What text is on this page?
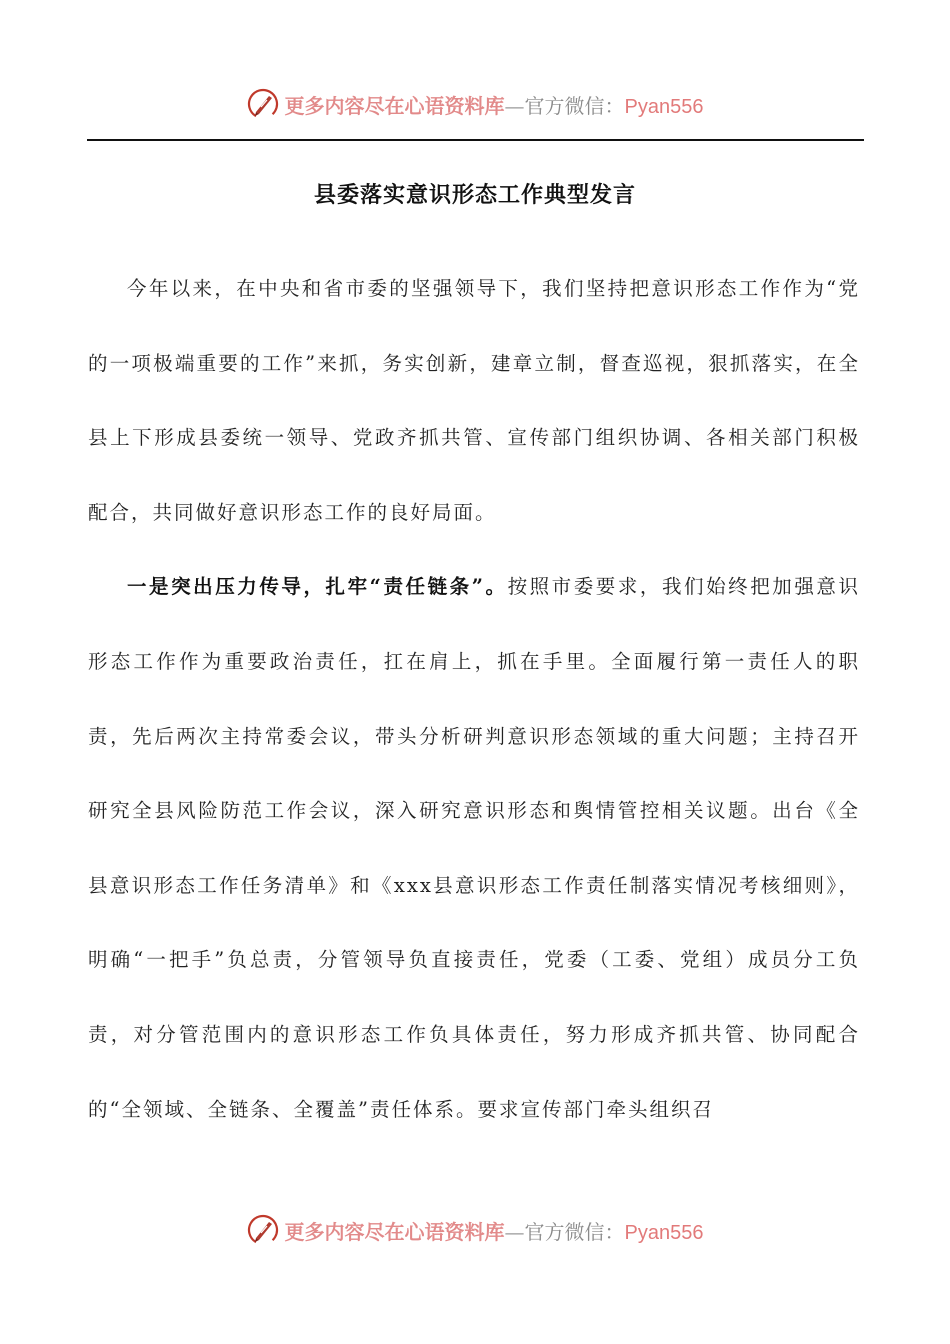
更多内容尽在心语资料库—官方微信：Pyan556
县委落实意识形态工作典型发言

今年以来，在中央和省市委的坚强领导下，我们坚持把意识形态工作作为“党的一项极端重要的工作”来抓，务实创新，建章立制，督查巡视，狠抓落实，在全县上下形成县委统一领导、党政齐抓共管、宣传部门组织协调、各相关部门积极配合，共同做好意识形态工作的良好局面。

一是突出压力传导，扎牢“责任链条”。按照市委要求，我们始终把加强意识形态工作作为重要政治责任，扛在肩上，抓在手里。全面履行第一责任人的职责，先后两次主持常委会议，带头分析研判意识形态领域的重大问题；主持召开研究全县风险防范工作会议，深入研究意识形态和舆情管控相关议题。出台《全县意识形态工作任务清单》和《xxx县意识形态工作责任制落实情况考核细则》，明确“一把手”负总责，分管领导负直接责任，党委（工委、党组）成员分工负责，对分管范围内的意识形态工作负具体责任，努力形成齐抓共管、协同配合的“全领域、全链条、全覆盖”责任体系。要求宣传部门牵头组织召

更多内容尽在心语资料库—官方微信：Pyan556
